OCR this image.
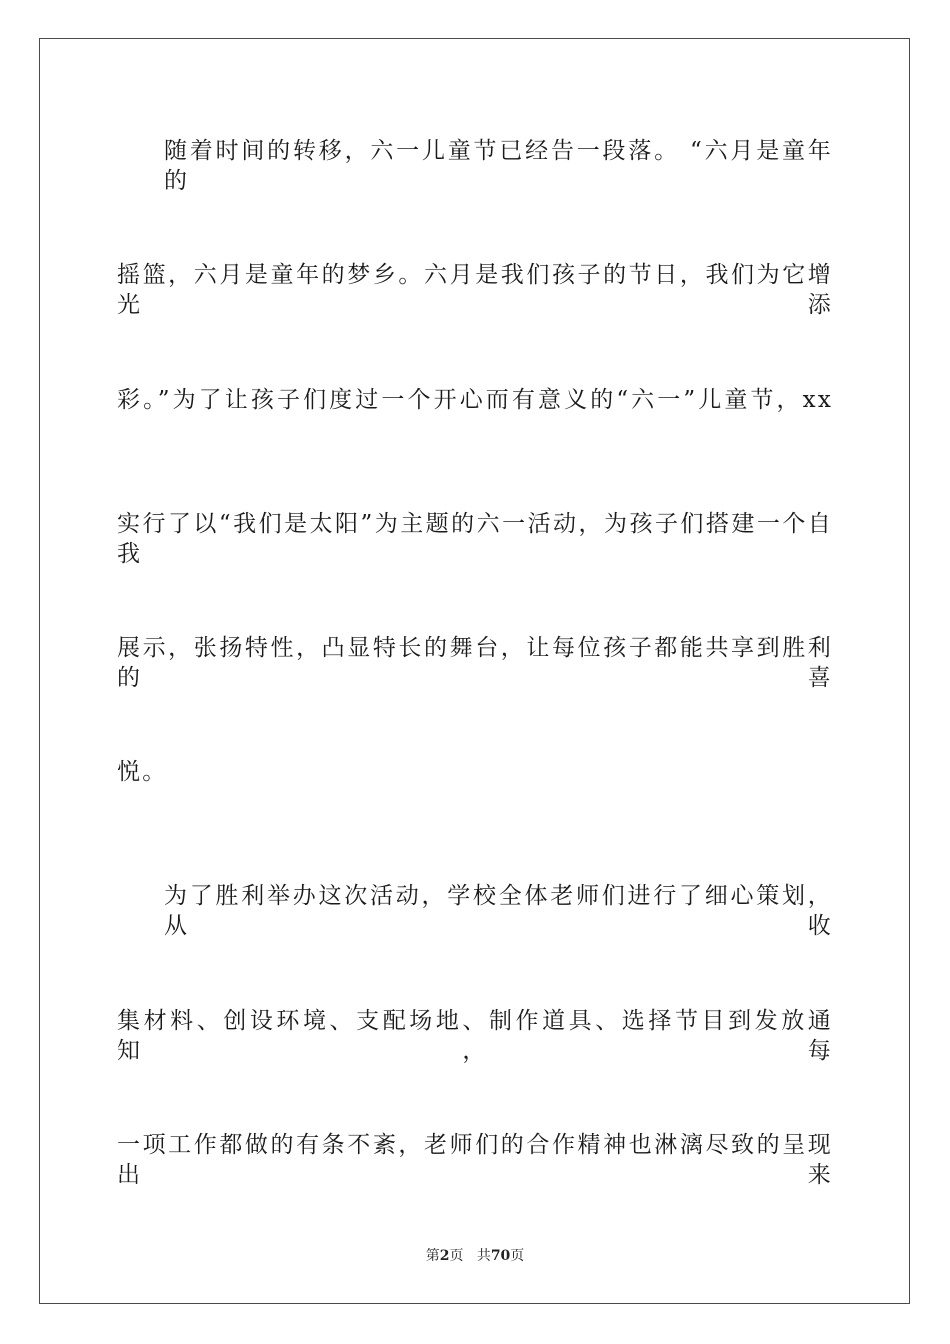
随着时间的转移，六一儿童节已经告一段落。 “六月是童年的
摇篮，六月是童年的梦乡。六月是我们孩子的节日，我们为它增光添
彩。”为了让孩子们度过一个开心而有意义的“六一”儿童节，xx
实行了以“我们是太阳”为主题的六一活动，为孩子们搭建一个自我
展示，张扬特性，凸显特长的舞台，让每位孩子都能共享到胜利的喜
悦。
为了胜利举办这次活动，学校全体老师们进行了细心策划，从收
集材料、创设环境、支配场地、制作道具、选择节目到发放通知，每
一项工作都做的有条不紊，老师们的合作精神也淋漓尽致的呈现出来
第2页 共70页
